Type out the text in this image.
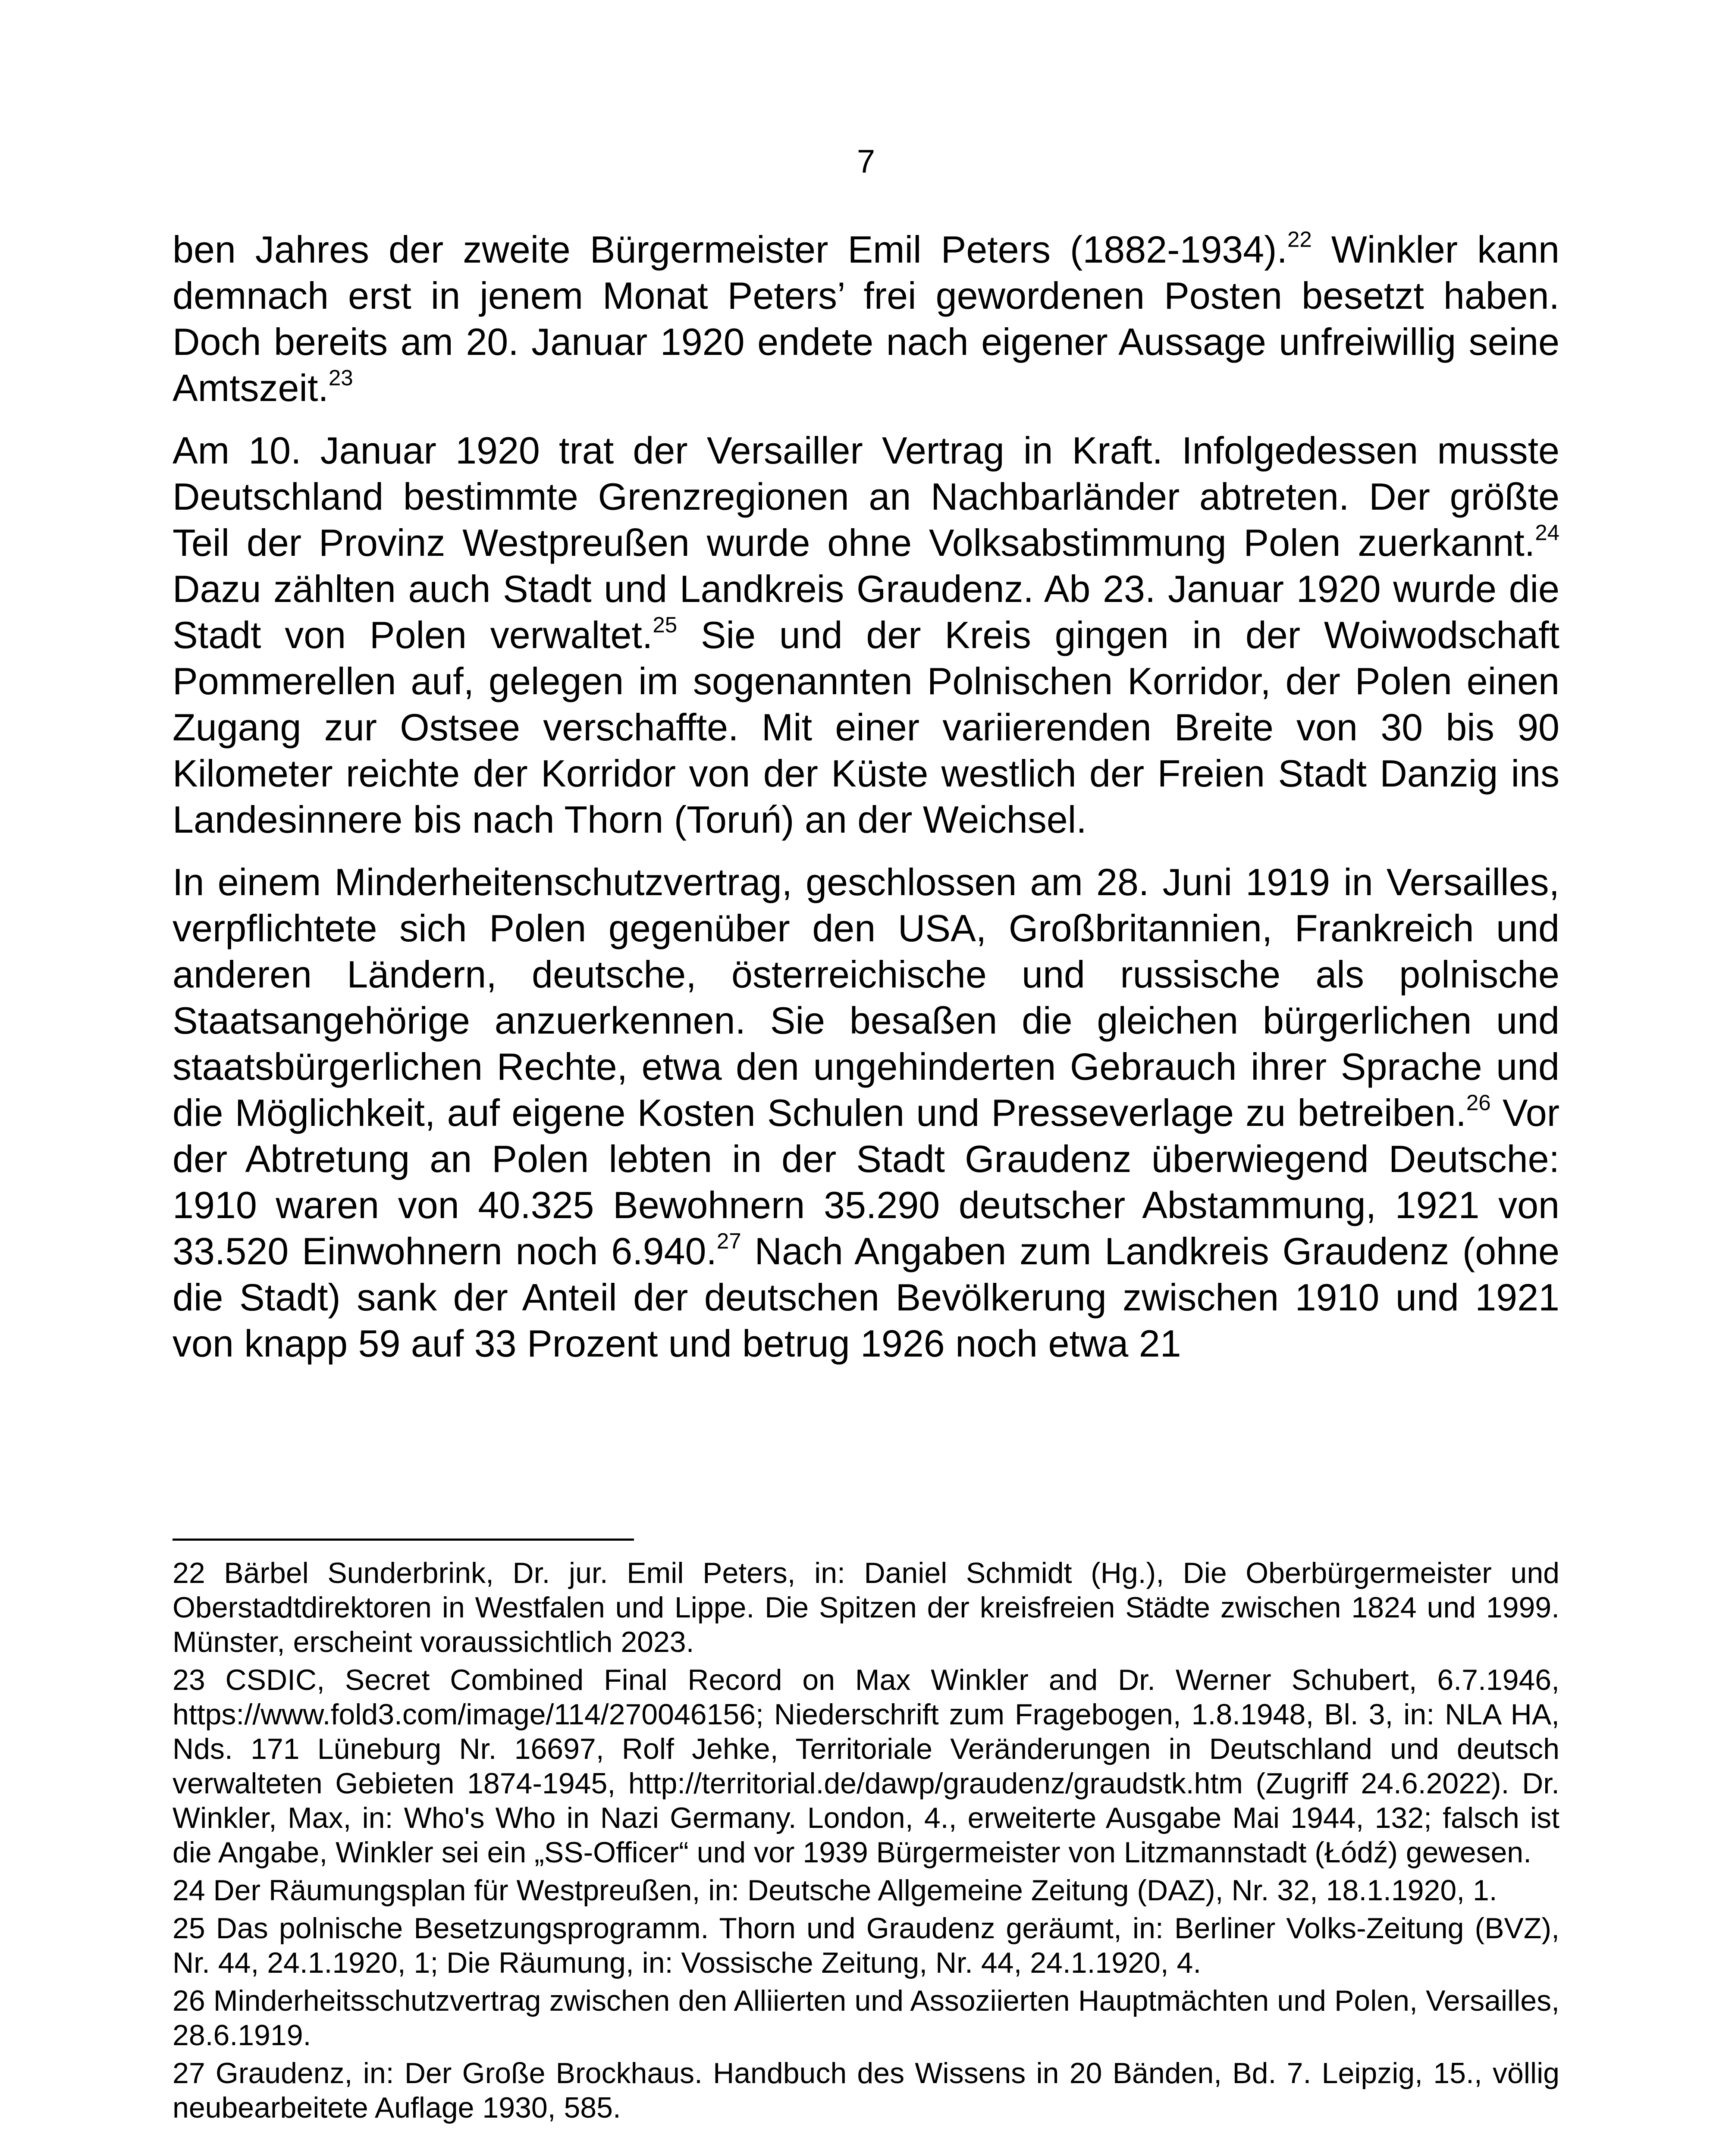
7

ben Jahres der zweite Bürgermeister Emil Peters (1882-1934).$^{22}$ Winkler kann demnach erst in jenem Monat Peters’ frei gewordenen Posten besetzt haben. Doch bereits am 20. Januar 1920 endete nach eigener Aussage unfreiwillig seine Amtszeit.$^{23}$

Am 10. Januar 1920 trat der Versailler Vertrag in Kraft. Infolgedessen musste Deutschland bestimmte Grenzregionen an Nachbarländer abtreten. Der größte Teil der Provinz Westpreußen wurde ohne Volksabstimmung Polen zuerkannt.$^{24}$ Dazu zählten auch Stadt und Landkreis Graudenz. Ab 23. Januar 1920 wurde die Stadt von Polen verwaltet.$^{25}$ Sie und der Kreis gingen in der Woiwodschaft Pommerellen auf, gelegen im sogenannten Polnischen Korridor, der Polen einen Zugang zur Ostsee verschaffte. Mit einer variierenden Breite von 30 bis 90 Kilometer reichte der Korridor von der Küste westlich der Freien Stadt Danzig ins Landesinnere bis nach Thorn (Toruń) an der Weichsel.

In einem Minderheitenschutzvertrag, geschlossen am 28. Juni 1919 in Versailles, verpflichtete sich Polen gegenüber den USA, Großbritannien, Frankreich und anderen Ländern, deutsche, österreichische und russische als polnische Staatsangehörige anzuerkennen. Sie besaßen die gleichen bürgerlichen und staatsbürgerlichen Rechte, etwa den ungehinderten Gebrauch ihrer Sprache und die Möglichkeit, auf eigene Kosten Schulen und Presseverlage zu betreiben.$^{26}$ Vor der Abtretung an Polen lebten in der Stadt Graudenz überwiegend Deutsche: 1910 waren von 40.325 Bewohnern 35.290 deutscher Abstammung, 1921 von 33.520 Einwohnern noch 6.940.27 Nach Angaben zum Landkreis Graudenz (ohne die Stadt) sank der Anteil der deutschen Bevölkerung zwischen 1910 und 1921 von knapp 59 auf 33 Prozent und betrug 1926 noch etwa 21

22 Bärbel Sunderbrink, Dr. jur. Emil Peters, in: Daniel Schmidt (Hg.), Die Oberbürgermeister und Oberstadtdirektoren in Westfalen und Lippe. Die Spitzen der kreisfreien Städte zwischen 1824 und 1999. Münster, erscheint voraussichtlich 2023.

23 CSDIC, Secret Combined Final Record on Max Winkler and Dr. Werner Schubert, 6.7.1946, https://www.fold3.com/image/114/270046156; Niederschrift zum Fragebogen, 1.8.1948, Bl. 3, in: NLA HA, Nds. 171 Lüneburg Nr. 16697, Rolf Jehke, Territoriale Veränderungen in Deutschland und deutsch verwalteten Gebieten 1874-1945, http://territorial.de/dawp/graudenz/graudstk.htm (Zugriff 24.6.2022). Dr. Winkler, Max, in: Who's Who in Nazi Germany. London, 4., erweiterte Ausgabe Mai 1944, 132; falsch ist die Angabe, Winkler sei ein „SS-Officer“ und vor 1939 Bürgermeister von Litzmannstadt (Łódź) gewesen.

24 Der Räumungsplan für Westpreußen, in: Deutsche Allgemeine Zeitung (DAZ), Nr. 32, 18.1.1920, 1.

25 Das polnische Besetzungsprogramm. Thorn und Graudenz geräumt, in: Berliner Volks-Zeitung (BVZ), Nr. 44, 24.1.1920, 1; Die Räumung, in: Vossische Zeitung, Nr. 44, 24.1.1920, 4.

26 Minderheitsschutzvertrag zwischen den Alliierten und Assoziierten Hauptmächten und Polen, Versailles, 28.6.1919.

27 Graudenz, in: Der Große Brockhaus. Handbuch des Wissens in 20 Bänden, Bd. 7. Leipzig, 15., völlig neubearbeitete Auflage 1930, 585.
